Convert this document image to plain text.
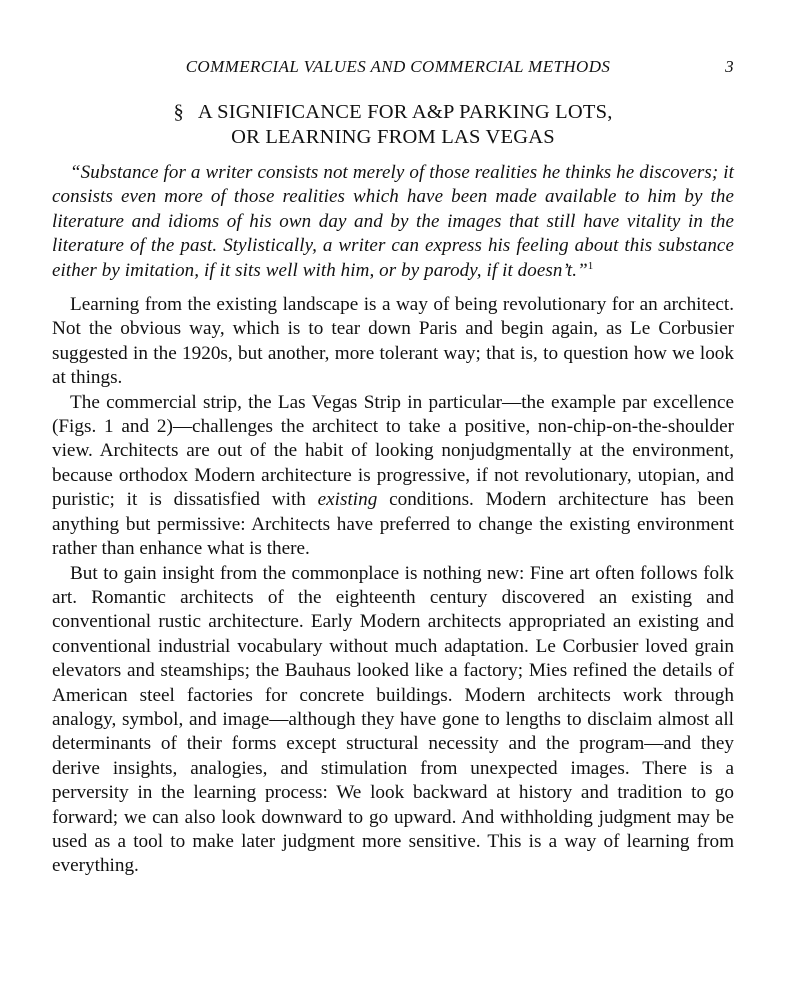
COMMERCIAL VALUES AND COMMERCIAL METHODS	3
§ A SIGNIFICANCE FOR A&P PARKING LOTS,
OR LEARNING FROM LAS VEGAS
“Substance for a writer consists not merely of those realities he thinks he discovers; it consists even more of those realities which have been made available to him by the literature and idioms of his own day and by the images that still have vitality in the literature of the past. Stylistically, a writer can express his feeling about this substance either by imitation, if it sits well with him, or by parody, if it doesn’t.”$^1$

Learning from the existing landscape is a way of being revolutionary for an architect. Not the obvious way, which is to tear down Paris and begin again, as Le Corbusier suggested in the 1920s, but another, more tolerant way; that is, to question how we look at things.

The commercial strip, the Las Vegas Strip in particular—the example par excellence (Figs. 1 and 2)—challenges the architect to take a positive, non-chip-on-the-shoulder view. Architects are out of the habit of looking nonjudgmentally at the environment, because orthodox Modern architecture is progressive, if not revolutionary, utopian, and puristic; it is dissatisfied with existing conditions. Modern architecture has been anything but permissive: Architects have preferred to change the existing environment rather than enhance what is there.

But to gain insight from the commonplace is nothing new: Fine art often follows folk art. Romantic architects of the eighteenth century discovered an existing and conventional rustic architecture. Early Modern architects appropriated an existing and conventional industrial vocabulary without much adaptation. Le Corbusier loved grain elevators and steamships; the Bauhaus looked like a factory; Mies refined the details of American steel factories for concrete buildings. Modern architects work through analogy, symbol, and image—although they have gone to lengths to disclaim almost all determinants of their forms except structural necessity and the program—and they derive insights, analogies, and stimulation from unexpected images. There is a perversity in the learning process: We look backward at history and tradition to go forward; we can also look downward to go upward. And withholding judgment may be used as a tool to make later judgment more sensitive. This is a way of learning from everything.
